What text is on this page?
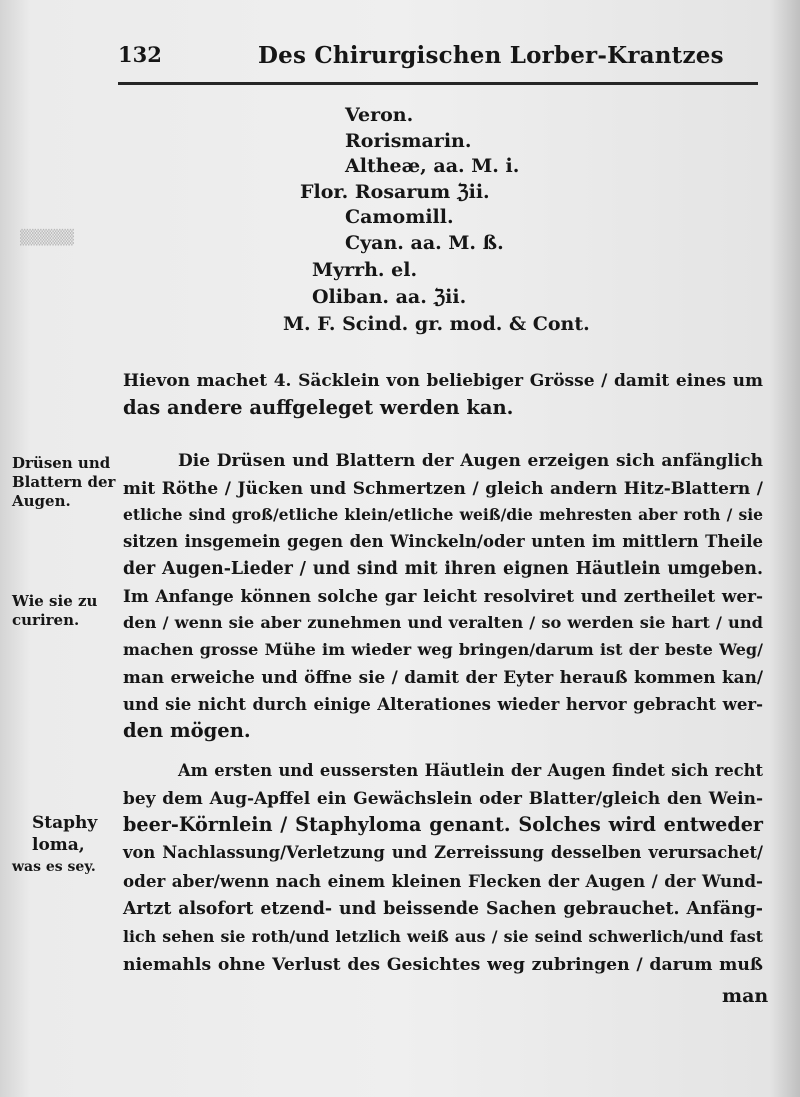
▒▒▒▒▒
132	Des Chirurgischen Lorber-Krantzes
Veron.
Rorismarin.
Altheæ, aa. M. i.
Flor. Rosarum ℨii.
Camomill.
Cyan. aa. M. ß.
Myrrh. el.
Oliban. aa. ℨii.
M. F. Scind. gr. mod. & Cont.
Hievon machet 4. Säcklein von beliebiger Grösse / damit eines um
das andere auffgeleget werden kan.
Die Drüsen und Blattern der Augen erzeigen sich anfänglich
mit Röthe / Jücken und Schmertzen / gleich andern Hitz-Blattern /
etliche sind groß/etliche klein/etliche weiß/die mehresten aber roth / sie
sitzen insgemein gegen den Winckeln/oder unten im mittlern Theile
der Augen-Lieder / und sind mit ihren eignen Häutlein umgeben.
Im Anfange können solche gar leicht resolviret und zertheilet wer-
den / wenn sie aber zunehmen und veralten / so werden sie hart / und
machen grosse Mühe im wieder weg bringen/darum ist der beste Weg/
man erweiche und öffne sie / damit der Eyter herauß kommen kan/
und sie nicht durch einige Alterationes wieder hervor gebracht wer-
den mögen.
Am ersten und eussersten Häutlein der Augen findet sich recht
bey dem Aug-Apffel ein Gewächslein oder Blatter/gleich den Wein-
beer-Körnlein / Staphyloma genant. Solches wird entweder
von Nachlassung/Verletzung und Zerreissung desselben verursachet/
oder aber/wenn nach einem kleinen Flecken der Augen / der Wund-
Artzt alsofort etzend- und beissende Sachen gebrauchet. Anfäng-
lich sehen sie roth/und letzlich weiß aus / sie seind schwerlich/und fast
niemahls ohne Verlust des Gesichtes weg zubringen / darum muß
man
Drüsen und
Blattern der
Augen.
Wie sie zu
curiren.
Staphy
loma,
was es sey.
